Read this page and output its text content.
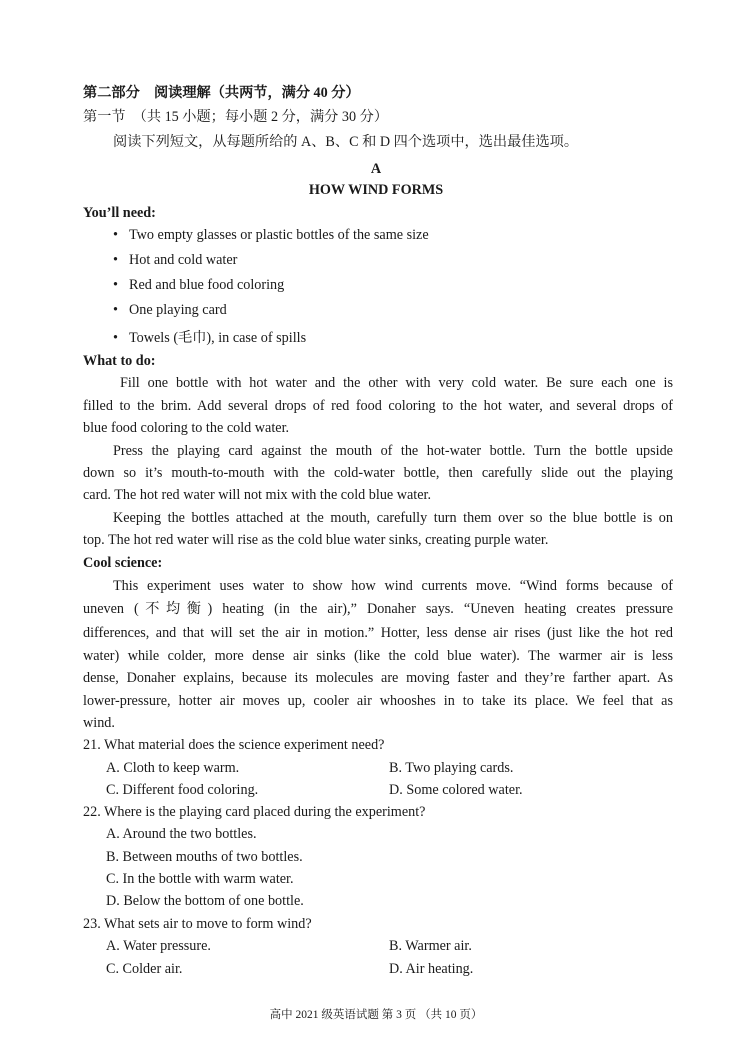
第二部分　阅读理解（共两节，满分 40 分）
第一节　（共 15 小题；每小题 2 分，满分 30 分）
阅读下列短文，从每题所给的 A、B、C 和 D 四个选项中，选出最佳选项。
A
HOW WIND FORMS
You’ll need:
• Two empty glasses or plastic bottles of the same size
• Hot and cold water
• Red and blue food coloring
• One playing card
• Towels (毛巾), in case of spills
What to do:
Fill one bottle with hot water and the other with very cold water. Be sure each one is
filled to the brim. Add several drops of red food coloring to the hot water, and several drops of
blue food coloring to the cold water.
Press the playing card against the mouth of the hot-water bottle. Turn the bottle upside
down so it’s mouth-to-mouth with the cold-water bottle, then carefully slide out the playing
card. The hot red water will not mix with the cold blue water.
Keeping the bottles attached at the mouth, carefully turn them over so the blue bottle is on
top. The hot red water will rise as the cold blue water sinks, creating purple water.
Cool science:
This experiment uses water to show how wind currents move. “Wind forms because of
uneven (不均衡) heating (in the air),” Donaher says. “Uneven heating creates pressure
differences, and that will set the air in motion.” Hotter, less dense air rises (just like the hot red
water) while colder, more dense air sinks (like the cold blue water). The warmer air is less
dense, Donaher explains, because its molecules are moving faster and they’re farther apart. As
lower-pressure, hotter air moves up, cooler air whooshes in to take its place. We feel that as
wind.
21. What material does the science experiment need?
A. Cloth to keep warm.	B. Two playing cards.
C. Different food coloring.	D. Some colored water.
22. Where is the playing card placed during the experiment?
A. Around the two bottles.
B. Between mouths of two bottles.
C. In the bottle with warm water.
D. Below the bottom of one bottle.
23. What sets air to move to form wind?
A. Water pressure.	B. Warmer air.
C. Colder air.	D. Air heating.
高中 2021 级英语试题 第 3 页 （共 10 页）
